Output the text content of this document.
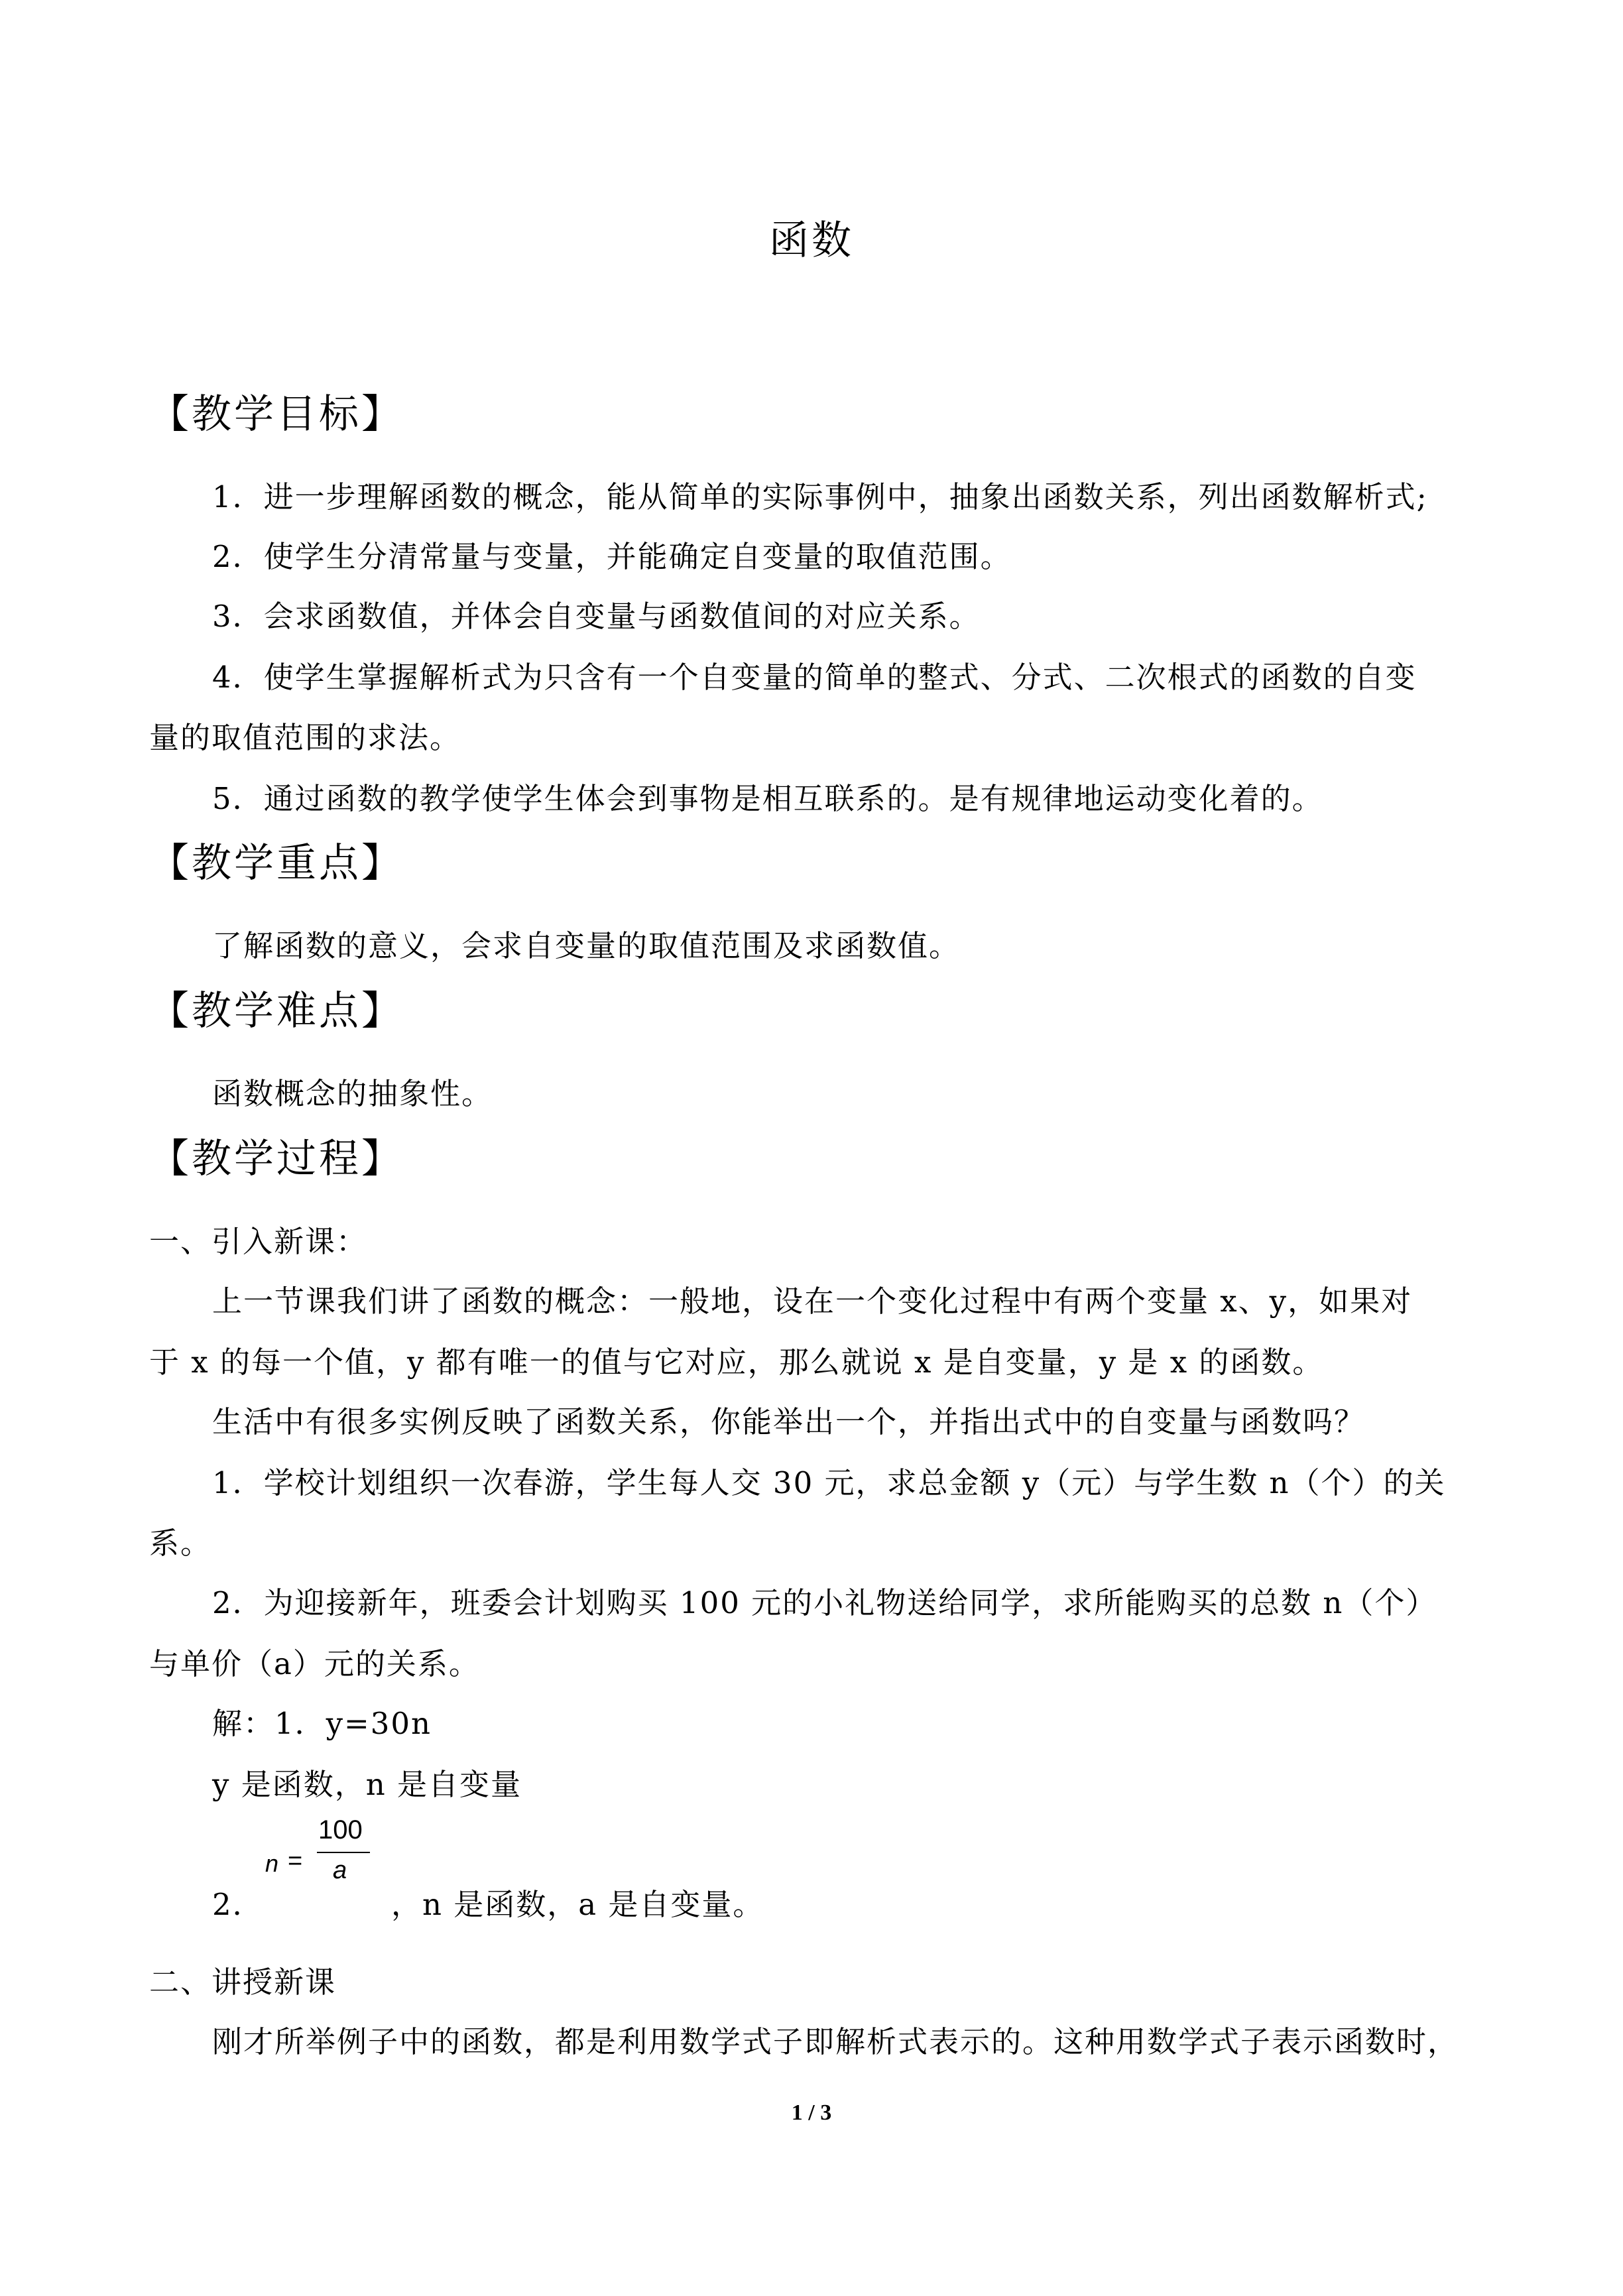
函数
【教学目标】
1．进一步理解函数的概念，能从简单的实际事例中，抽象出函数关系，列出函数解析式;
2．使学生分清常量与变量，并能确定自变量的取值范围。
3．会求函数值，并体会自变量与函数值间的对应关系。
4．使学生掌握解析式为只含有一个自变量的简单的整式、分式、二次根式的函数的自变
量的取值范围的求法。
5．通过函数的教学使学生体会到事物是相互联系的。是有规律地运动变化着的。
【教学重点】
了解函数的意义，会求自变量的取值范围及求函数值。
【教学难点】
函数概念的抽象性。
【教学过程】
一、引入新课：
上一节课我们讲了函数的概念：一般地，设在一个变化过程中有两个变量 x、y，如果对
于 x 的每一个值，y 都有唯一的值与它对应，那么就说 x 是自变量，y 是 x 的函数。
生活中有很多实例反映了函数关系，你能举出一个，并指出式中的自变量与函数吗？
1．学校计划组织一次春游，学生每人交 30 元，求总金额 y（元）与学生数 n（个）的关
系。
2．为迎接新年，班委会计划购买 100 元的小礼物送给同学，求所能购买的总数 n（个）
与单价（a）元的关系。
解：1．y=30n
y 是函数，n 是自变量
2．
n =
100
a
，n 是函数，a 是自变量。
二、讲授新课
刚才所举例子中的函数，都是利用数学式子即解析式表示的。这种用数学式子表示函数时，
1 / 3
